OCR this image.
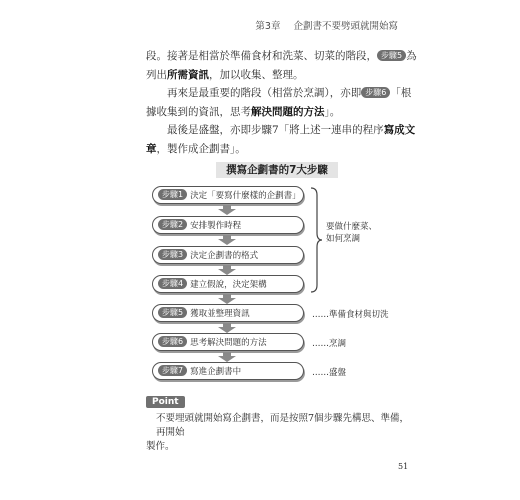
第3章 企劃書不要劈頭就開始寫
段。接著是相當於準備食材和洗菜、切菜的階段， 步驟5 為
列出所需資訊，加以收集、整理。
再來是最重要的階段（相當於烹調），亦即 步驟6 「根
據收集到的資訊，思考解決問題的方法」。
最後是盛盤，亦即步驟7「將上述一連串的程序寫成文
章，製作成企劃書」。
撰寫企劃書的7大步驟
步驟1 決定「要寫什麼樣的企劃書」
步驟2 安排製作時程
步驟3 決定企劃書的格式
步驟4 建立假說，決定架構
步驟5 獲取並整理資訊
步驟6 思考解決問題的方法
步驟7 寫進企劃書中
要做什麼菜、
如何烹調
……準備食材與切洗
……烹調
……盛盤
Point
不要埋頭就開始寫企劃書，而是按照7個步驟先構思、準備，再開始
製作。
51
